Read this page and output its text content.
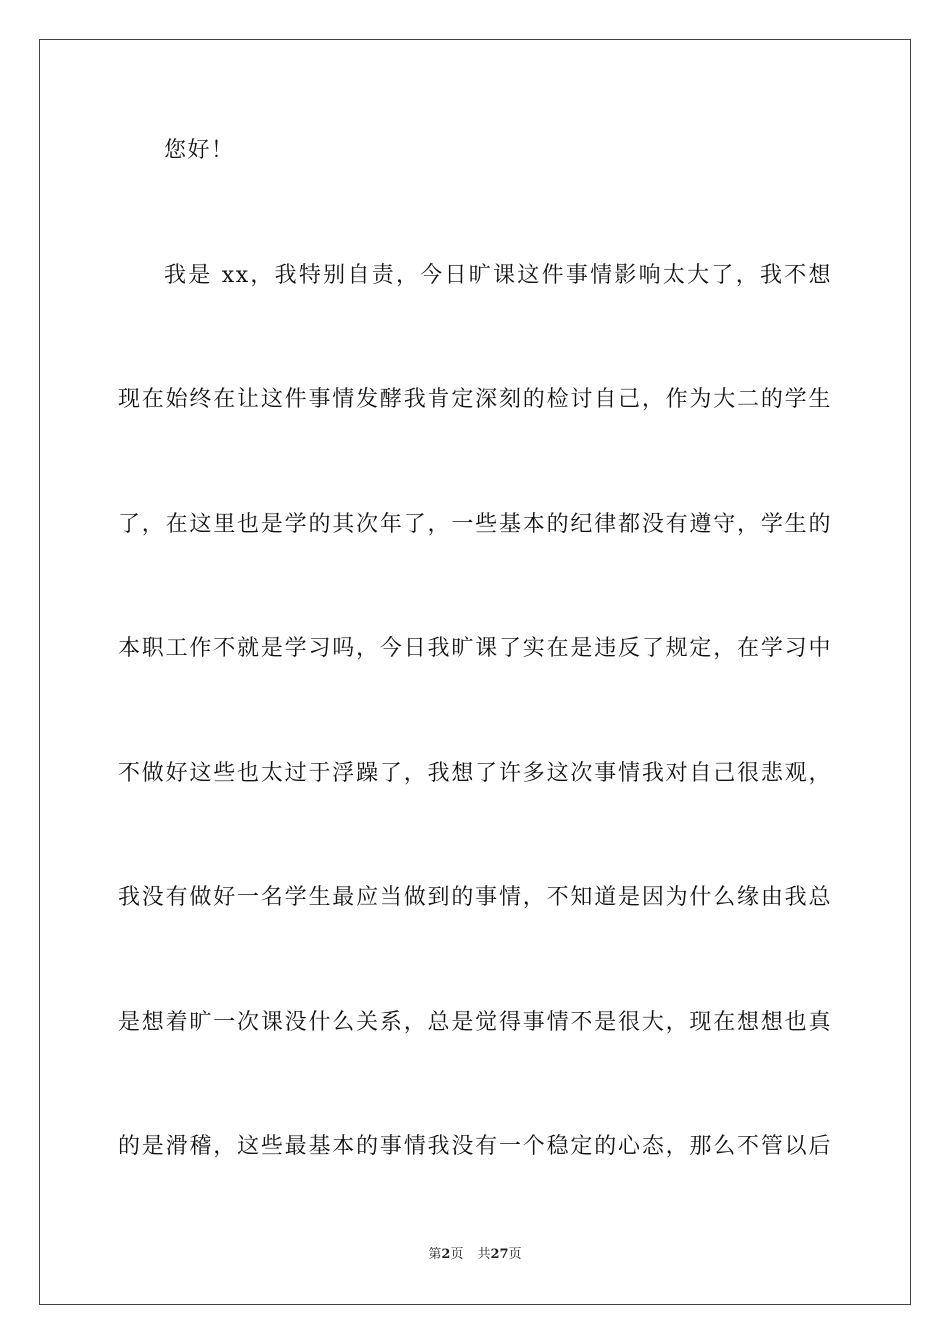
您好！
我是 xx，我特别自责，今日旷课这件事情影响太大了，我不想
现在始终在让这件事情发酵我肯定深刻的检讨自己，作为大二的学生
了，在这里也是学的其次年了，一些基本的纪律都没有遵守，学生的
本职工作不就是学习吗，今日我旷课了实在是违反了规定，在学习中
不做好这些也太过于浮躁了，我想了许多这次事情我对自己很悲观，
我没有做好一名学生最应当做到的事情，不知道是因为什么缘由我总
是想着旷一次课没什么关系，总是觉得事情不是很大，现在想想也真
的是滑稽，这些最基本的事情我没有一个稳定的心态，那么不管以后
第2页 共27页
